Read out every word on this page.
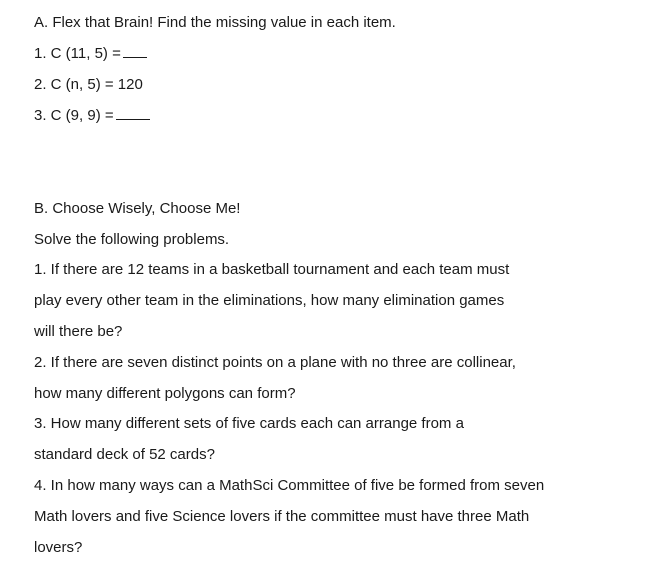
A. Flex that Brain! Find the missing value in each item.
1. C (11, 5) =
2. C (n, 5) = 120
3. C (9, 9) =
B. Choose Wisely, Choose Me!
Solve the following problems.
1. If there are 12 teams in a basketball tournament and each team must
play every other team in the eliminations, how many elimination games
will there be?
2. If there are seven distinct points on a plane with no three are collinear,
how many different polygons can form?
3. How many different sets of five cards each can arrange from a
standard deck of 52 cards?
4. In how many ways can a MathSci Committee of five be formed from seven
Math lovers and five Science lovers if the committee must have three Math
lovers?
